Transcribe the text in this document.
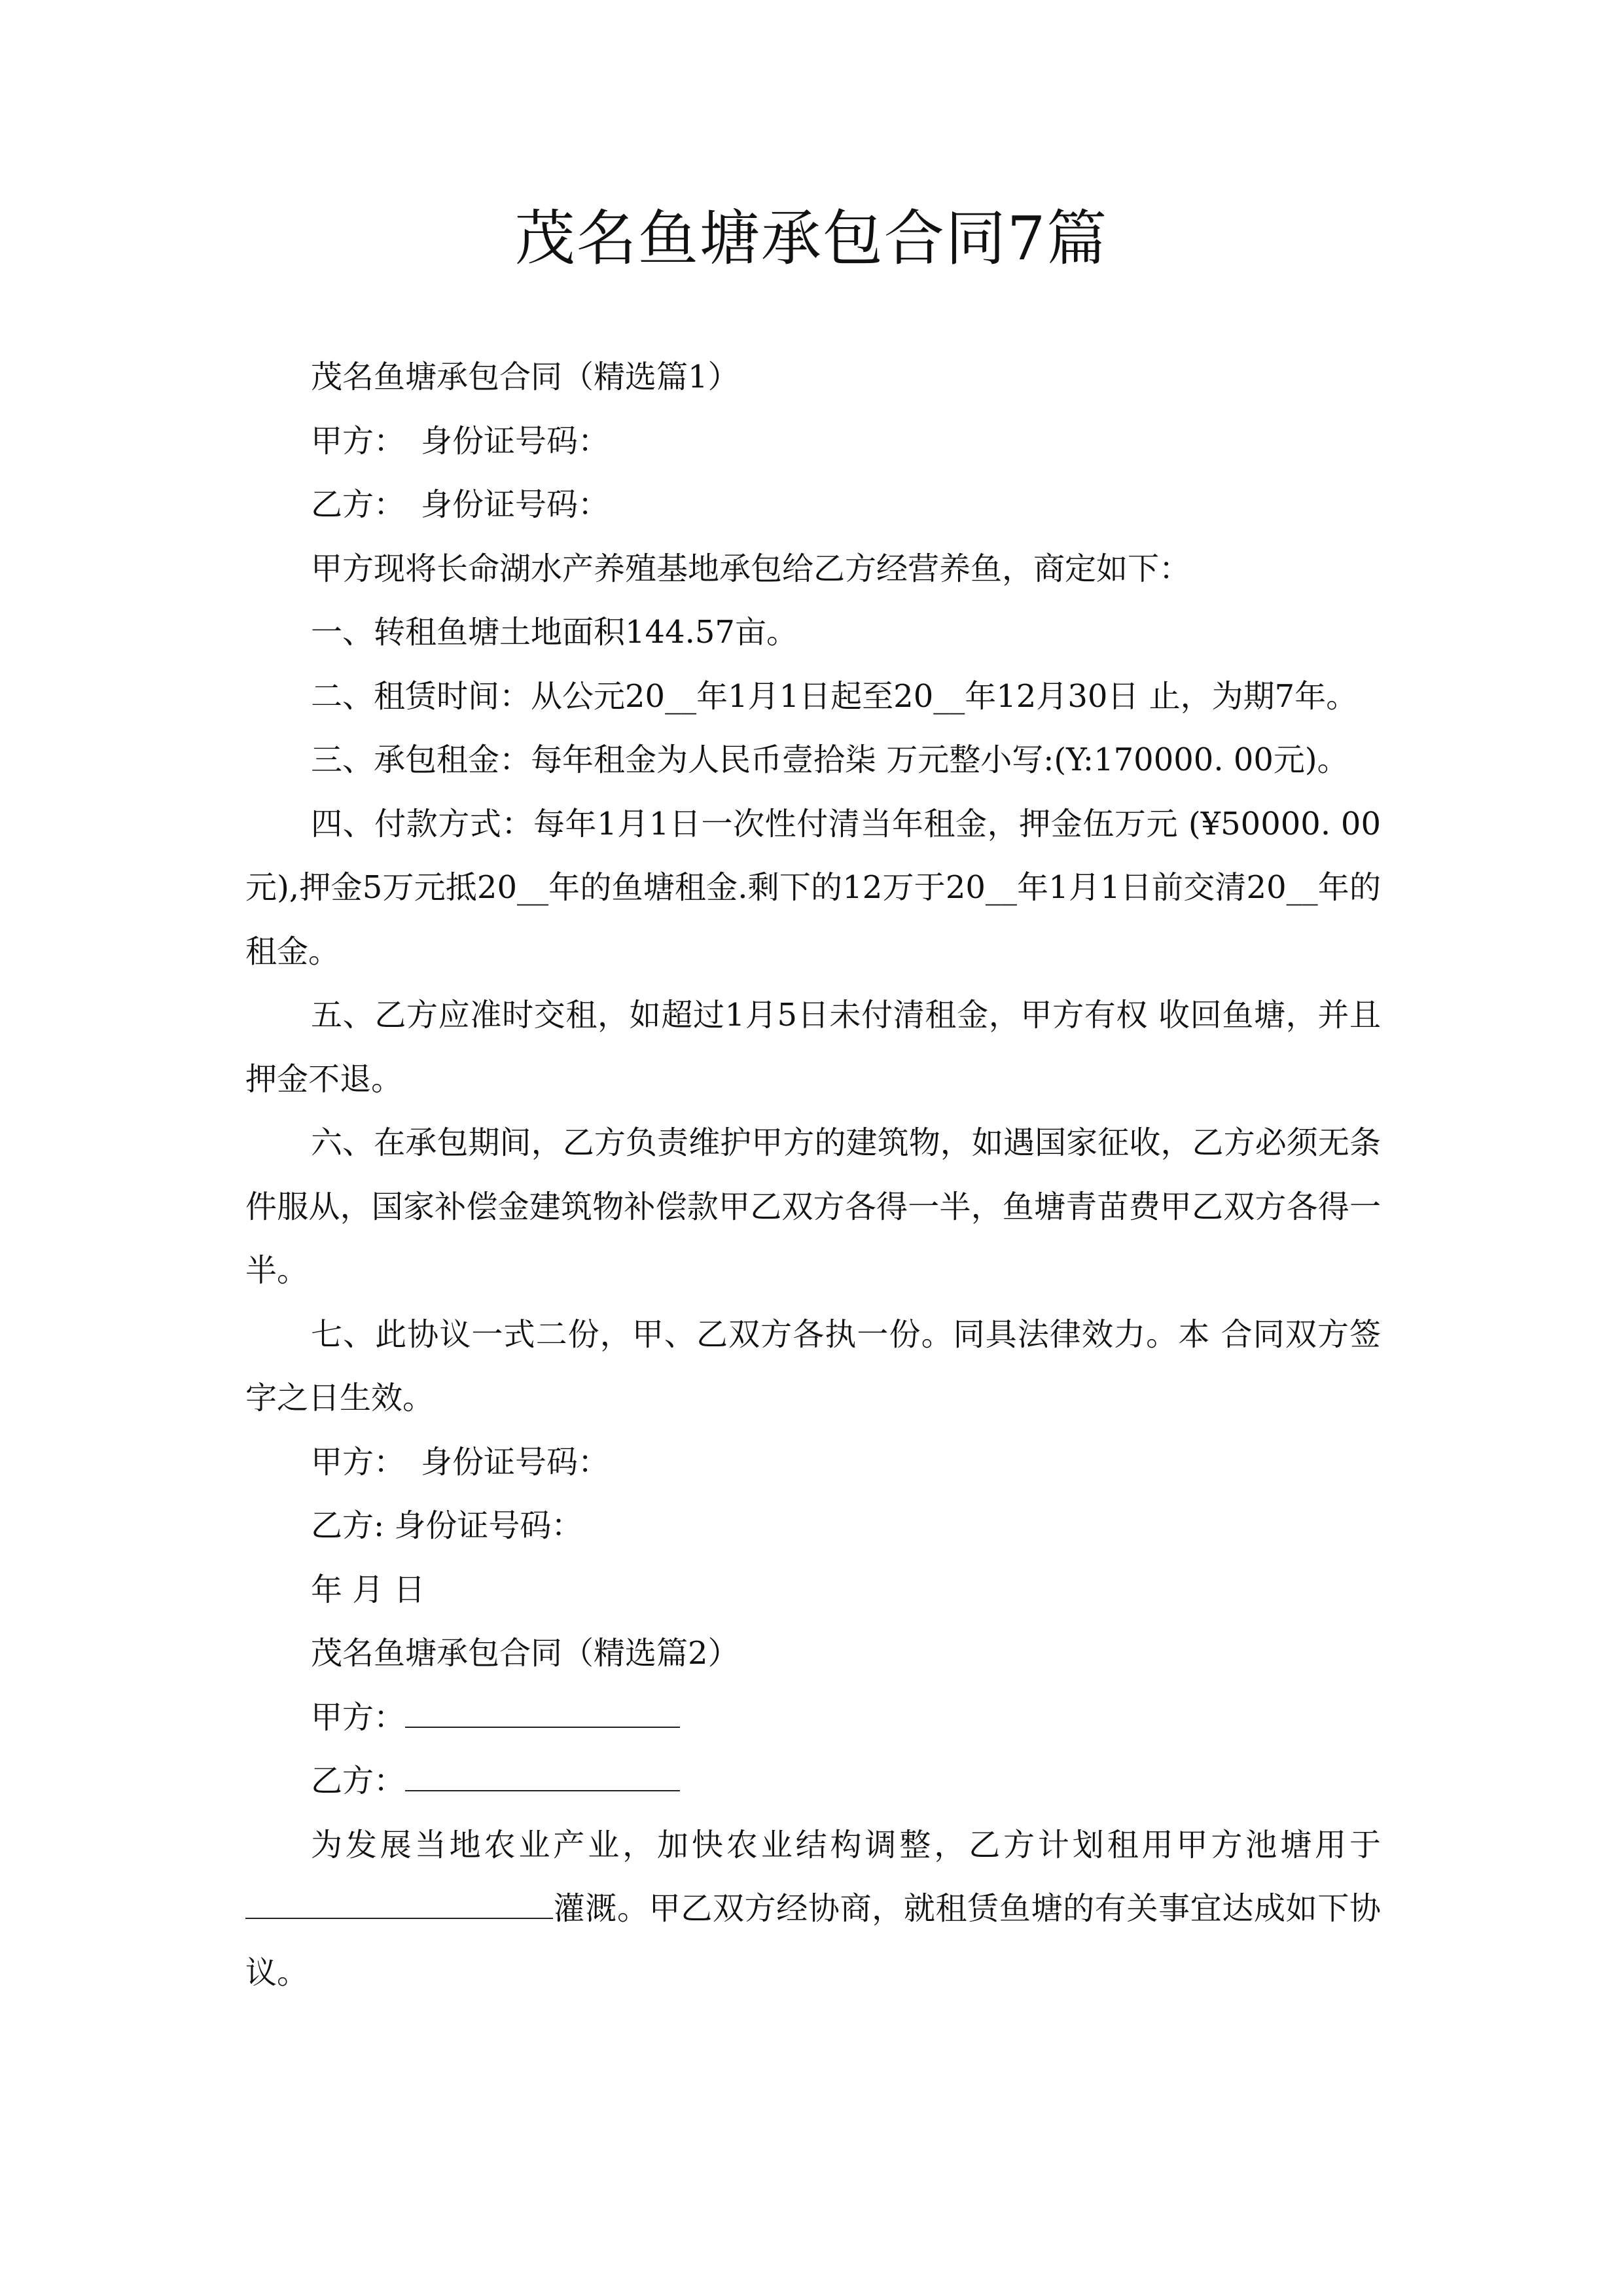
茂名鱼塘承包合同7篇

茂名鱼塘承包合同（精选篇1）

甲方：　身份证号码：

乙方：　身份证号码：

甲方现将长命湖水产养殖基地承包给乙方经营养鱼，商定如下：

一、转租鱼塘土地面积144.57亩。

二、租赁时间：从公元20__年1月1日起至20__年12月30日 止，为期7年。

三、承包租金：每年租金为人民币壹拾柒 万元整小写:(Y:170000. 00元)。

四、付款方式：每年1月1日一次性付清当年租金，押金伍万元 (¥50000. 00 元),押金5万元抵20__年的鱼塘租金.剩下的12万于20__年1月1日前交清20__年的租金。

五、乙方应准时交租，如超过1月5日未付清租金，甲方有权 收回鱼塘，并且押金不退。

六、在承包期间，乙方负责维护甲方的建筑物，如遇国家征收，乙方必须无条件服从，国家补偿金建筑物补偿款甲乙双方各得一半，鱼塘青苗费甲乙双方各得一半。

七、此协议一式二份，甲、乙双方各执一份。同具法律效力。本 合同双方签字之日生效。

甲方：　身份证号码：

乙方: 身份证号码：

年 月 日

茂名鱼塘承包合同（精选篇2）

甲方：

乙方：

为发展当地农业产业，加快农业结构调整，乙方计划租用甲方池塘用于灌溉。甲乙双方经协商，就租赁鱼塘的有关事宜达成如下协议。
